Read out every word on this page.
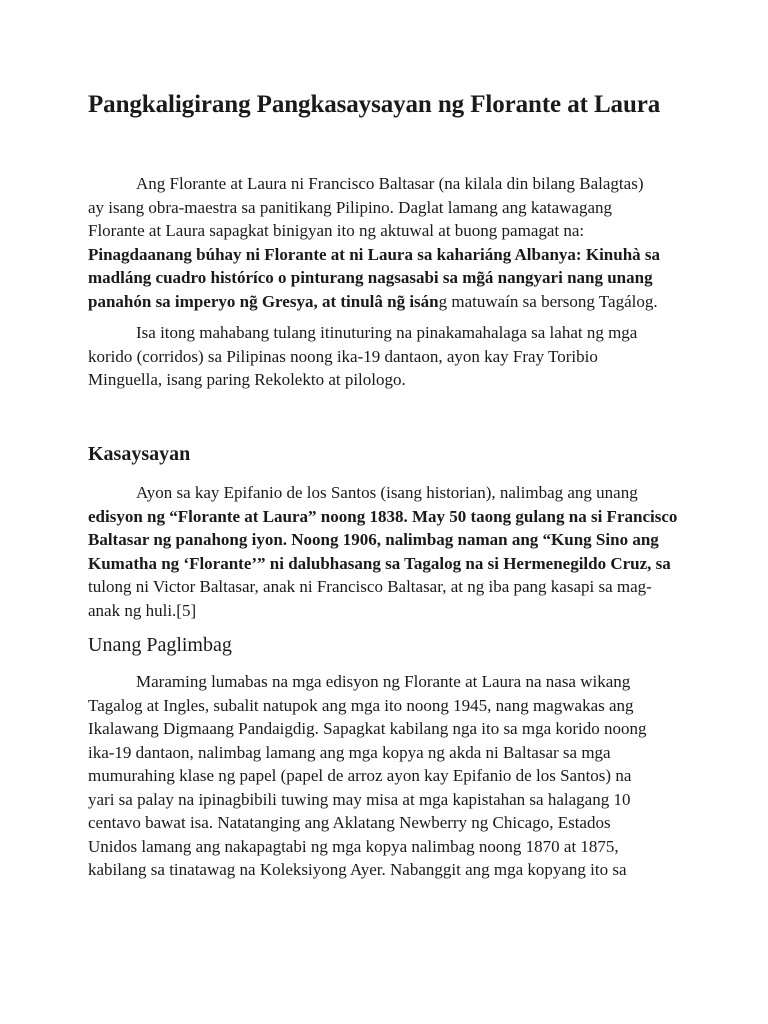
Pangkaligirang Pangkasaysayan ng Florante at Laura
Ang Florante at Laura ni Francisco Baltasar (na kilala din bilang Balagtas)
ay isang obra-maestra sa panitikang Pilipino. Daglat lamang ang katawagang
Florante at Laura sapagkat binigyan ito ng aktuwal at buong pamagat na:
Pinagdaanang búhay ni Florante at ni Laura sa kahariáng Albanya: Kinuhà sa
madláng cuadro históríco o pinturang nagsasabi sa mg̃á nangyari nang unang
panahón sa imperyo ng̃ Gresya, at tinulâ ng̃ isáng matuwaín sa bersong Tagálog.
Isa itong mahabang tulang itinuturing na pinakamahalaga sa lahat ng mga
korido (corridos) sa Pilipinas noong ika-19 dantaon, ayon kay Fray Toribio
Minguella, isang paring Rekolekto at pilologo.
Kasaysayan
Ayon sa kay Epifanio de los Santos (isang historian), nalimbag ang unang
edisyon ng “Florante at Laura” noong 1838. May 50 taong gulang na si Francisco
Baltasar ng panahong iyon. Noong 1906, nalimbag naman ang “Kung Sino ang
Kumatha ng ‘Florante’” ni dalubhasang sa Tagalog na si Hermenegildo Cruz, sa
tulong ni Victor Baltasar, anak ni Francisco Baltasar, at ng iba pang kasapi sa mag-
anak ng huli.[5]
Unang Paglimbag
Maraming lumabas na mga edisyon ng Florante at Laura na nasa wikang
Tagalog at Ingles, subalit natupok ang mga ito noong 1945, nang magwakas ang
Ikalawang Digmaang Pandaigdig. Sapagkat kabilang nga ito sa mga korido noong
ika-19 dantaon, nalimbag lamang ang mga kopya ng akda ni Baltasar sa mga
mumurahing klase ng papel (papel de arroz ayon kay Epifanio de los Santos) na
yari sa palay na ipinagbibili tuwing may misa at mga kapistahan sa halagang 10
centavo bawat isa. Natatanging ang Aklatang Newberry ng Chicago, Estados
Unidos lamang ang nakapagtabi ng mga kopya nalimbag noong 1870 at 1875,
kabilang sa tinatawag na Koleksiyong Ayer. Nabanggit ang mga kopyang ito sa
